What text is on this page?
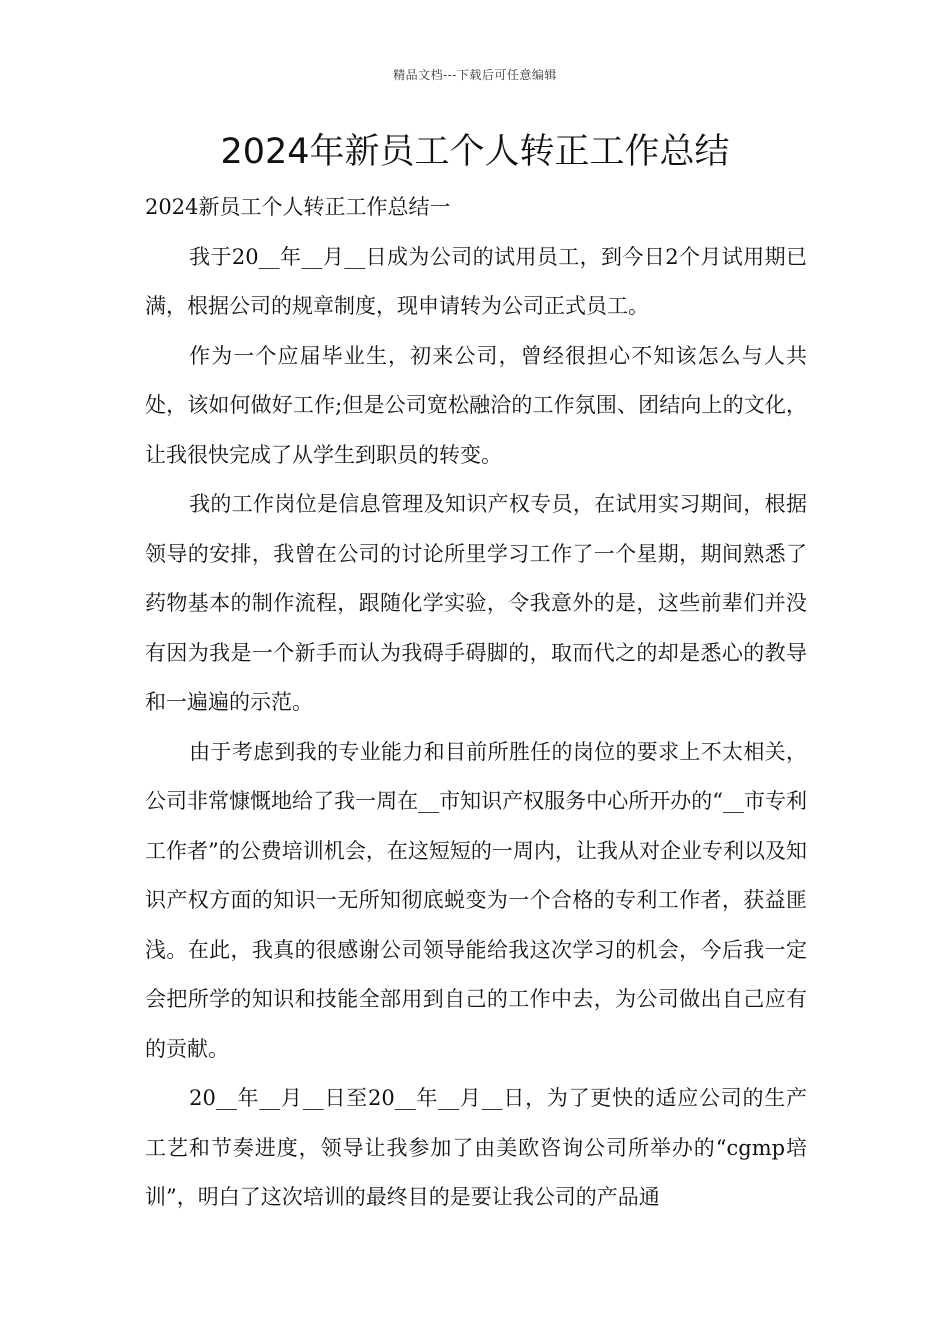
精品文档---下载后可任意编辑
2024年新员工个人转正工作总结

2024新员工个人转正工作总结一

我于20__年__月__日成为公司的试用员工，到今日2个月试用期已满，根据公司的规章制度，现申请转为公司正式员工。

作为一个应届毕业生，初来公司，曾经很担心不知该怎么与人共处，该如何做好工作;但是公司宽松融洽的工作氛围、团结向上的文化，让我很快完成了从学生到职员的转变。

我的工作岗位是信息管理及知识产权专员，在试用实习期间，根据领导的安排，我曾在公司的讨论所里学习工作了一个星期，期间熟悉了药物基本的制作流程，跟随化学实验，令我意外的是，这些前辈们并没有因为我是一个新手而认为我碍手碍脚的，取而代之的却是悉心的教导和一遍遍的示范。

由于考虑到我的专业能力和目前所胜任的岗位的要求上不太相关，公司非常慷慨地给了我一周在__市知识产权服务中心所开办的“__市专利工作者”的公费培训机会，在这短短的一周内，让我从对企业专利以及知识产权方面的知识一无所知彻底蜕变为一个合格的专利工作者，获益匪浅。在此，我真的很感谢公司领导能给我这次学习的机会，今后我一定会把所学的知识和技能全部用到自己的工作中去，为公司做出自己应有的贡献。

20__年__月__日至20__年__月__日，为了更快的适应公司的生产工艺和节奏进度，领导让我参加了由美欧咨询公司所举办的“cgmp培训”，明白了这次培训的最终目的是要让我公司的产品通
